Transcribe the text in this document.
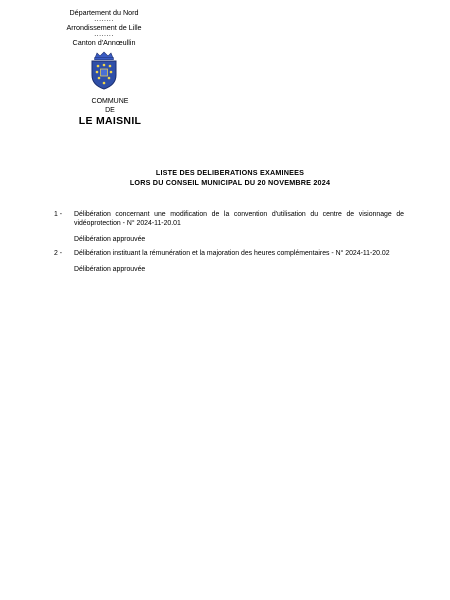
Département du Nord
........
Arrondissement de Lille
........
Canton d'Annœullin
COMMUNE
DE
LE MAISNIL
LISTE DES DELIBERATIONS EXAMINEES
LORS DU CONSEIL MUNICIPAL DU 20 NOVEMBRE 2024
1 -	Délibération concernant une modification de la convention d'utilisation du centre de visionnage de vidéoprotection - N° 2024-11-20.01
Délibération approuvée
2 -	Délibération instituant la rémunération et la majoration des heures complémentaires - N° 2024-11-20.02
Délibération approuvée
